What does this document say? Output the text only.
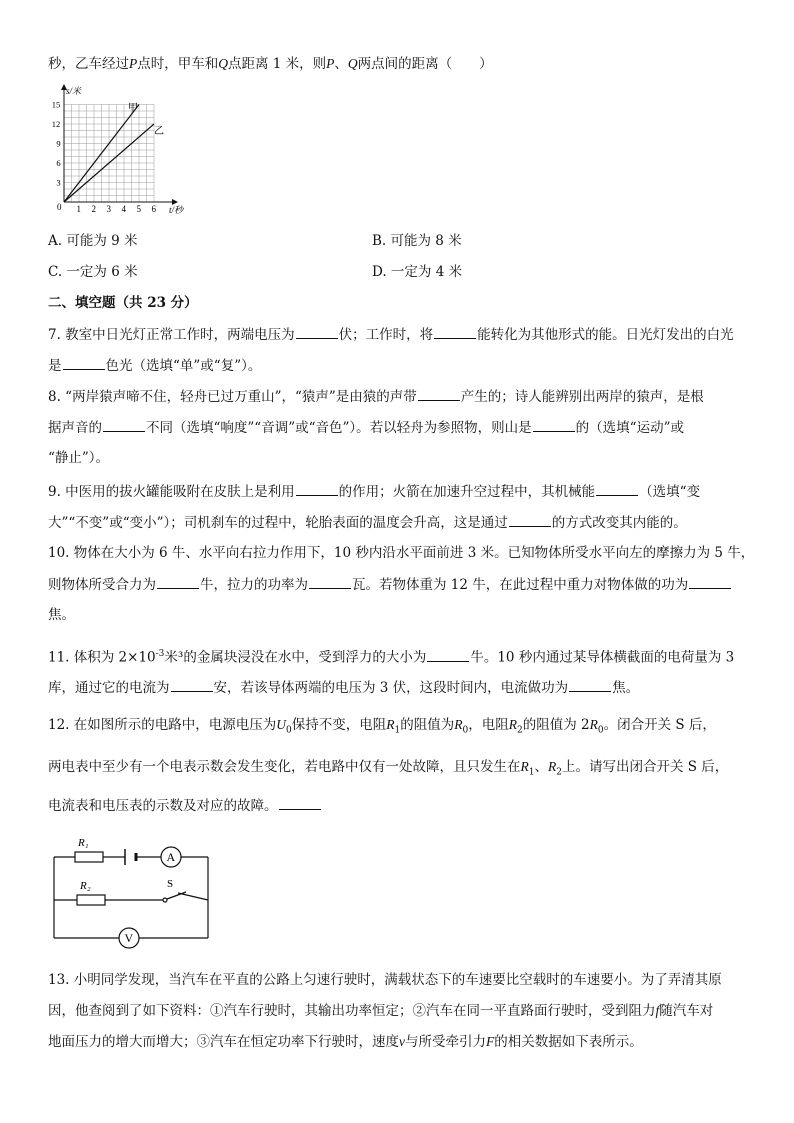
秒，乙车经过P点时，甲车和Q点距离 1 米，则P、Q两点间的距离（　　）
s/米
t/秒
0 1 2 3 4 5 6
3
6
9
12
15	甲
乙
A. 可能为 9 米	B. 可能为 8 米
C. 一定为 6 米	D. 一定为 4 米
二、填空题（共 23 分）
7. 教室中日光灯正常工作时，两端电压为	伏；工作时，将	能转化为其他形式的能。日光灯发出的白光
是	色光（选填“单”或“复”）。
8. “两岸猿声啼不住，轻舟已过万重山”，“猿声”是由猿的声带	产生的；诗人能辨别出两岸的猿声，是根
据声音的	不同（选填“响度”“音调”或“音色”）。若以轻舟为参照物，则山是	的（选填“运动”或
“静止”）。
9. 中医用的拔火罐能吸附在皮肤上是利用	的作用；火箭在加速升空过程中，其机械能	（选填“变
大”“不变”或“变小”）；司机刹车的过程中，轮胎表面的温度会升高，这是通过	的方式改变其内能的。
10. 物体在大小为 6 牛、水平向右拉力作用下，10 秒内沿水平面前进 3 米。已知物体所受水平向左的摩擦力为 5 牛，
则物体所受合力为	牛，拉力的功率为	瓦。若物体重为 12 牛，在此过程中重力对物体做的功为
焦。
11. 体积为 $2\times 10^{-3}$米³的金属块浸没在水中，受到浮力的大小为	牛。10 秒内通过某导体横截面的电荷量为 3
库，通过它的电流为	安，若该导体两端的电压为 3 伏，这段时间内，电流做功为	焦。
12. 在如图所示的电路中，电源电压为$U_0$保持不变，电阻$R_1$的阻值为$R_0$，电阻$R_2$的阻值为 $2R_0$。闭合开关 S 后，
两电表中至少有一个电表示数会发生变化，若电路中仅有一处故障，且只发生在$R_1$、$R_2$上。请写出闭合开关 S 后，
电流表和电压表的示数及对应的故障。
A
V
R₁
R₂	S
13. 小明同学发现，当汽车在平直的公路上匀速行驶时，满载状态下的车速要比空载时的车速要小。为了弄清其原
因，他查阅到了如下资料：①汽车行驶时，其输出功率恒定；②汽车在同一平直路面行驶时，受到阻力f随汽车对
地面压力的增大而增大；③汽车在恒定功率下行驶时，速度v与所受牵引力F的相关数据如下表所示。
